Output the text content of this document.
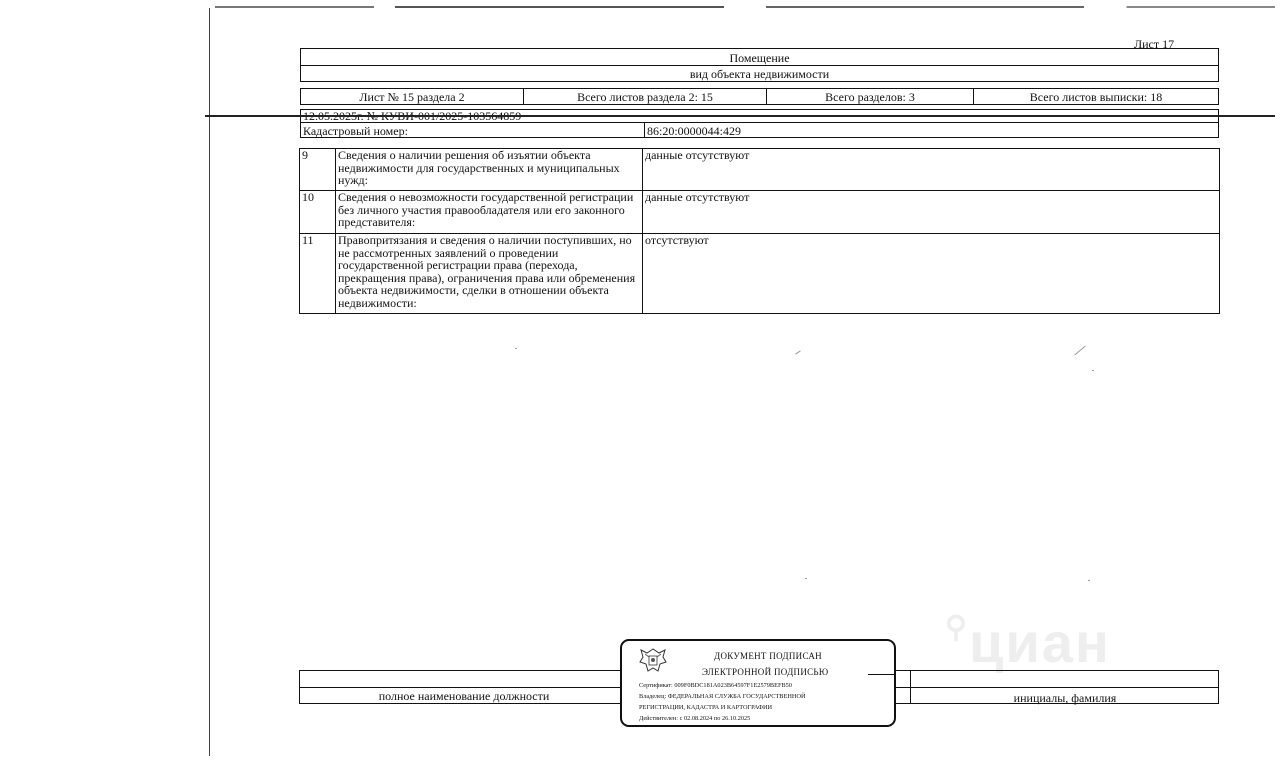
⚲циан
Лист 17
Помещение
вид объекта недвижимости
Лист № 15 раздела 2	Всего листов раздела 2: 15	Всего разделов: 3	Всего листов выписки: 18
Кадастровый номер:	86:20:0000044:429
9	Сведения о наличии решения об изъятии объекта недвижимости для государственных и муниципальных нужд:	данные отсутствуют
10	Сведения о невозможности государственной регистрации без личного участия правообладателя или его законного представителя:	данные отсутствуют
11	Правопритязания и сведения о наличии поступивших, но не рассмотренных заявлений о проведении государственной регистрации права (перехода, прекращения права), ограничения права или обременения объекта недвижимости, сделки в отношении объекта недвижимости:	отсутствуют
полное наименование должности	инициалы, фамилия
ДОКУМЕНТ ПОДПИСАН
ЭЛЕКТРОННОЙ ПОДПИСЬЮ
Сертификат: 009F0BDC181A023B64597F1E2579BEFB50
Владелец: ФЕДЕРАЛЬНАЯ СЛУЖБА ГОСУДАРСТВЕННОЙ
РЕГИСТРАЦИИ, КАДАСТРА И КАРТОГРАФИИ
Действителен: с 02.08.2024 по 26.10.2025
